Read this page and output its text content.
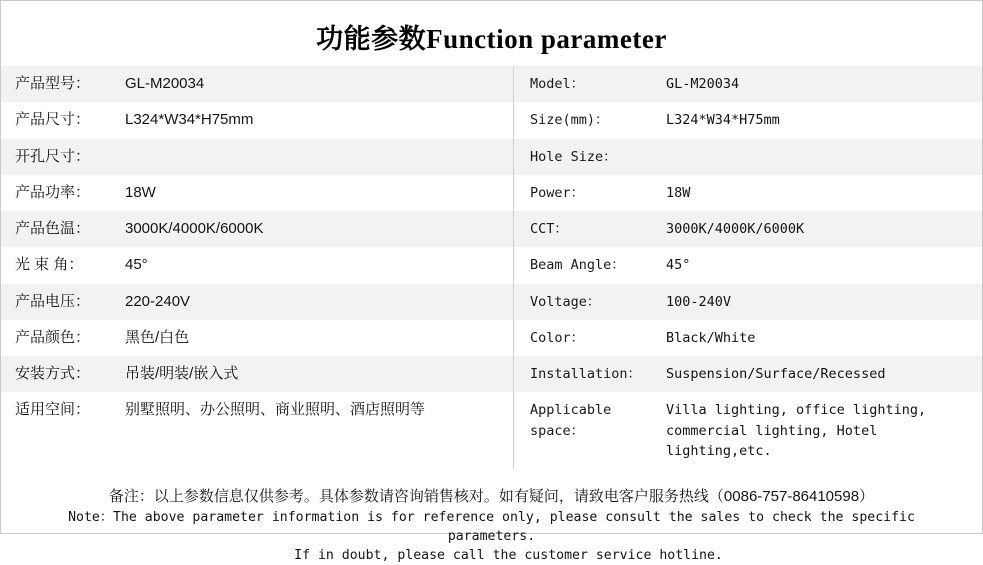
功能参数Function parameter
产品型号：	GL-M20034	Model：	GL-M20034
产品尺寸：	L324*W34*H75mm	Size(mm)：	L324*W34*H75mm
开孔尺寸：		Hole Size：	
产品功率：	18W	Power：	18W
产品色温：	3000K/4000K/6000K	CCT：	3000K/4000K/6000K
光 束 角：	45°	Beam Angle：	45°
产品电压：	220-240V	Voltage：	100-240V
产品颜色：	黑色/白色	Color：	Black/White
安装方式：	吊装/明装/嵌入式	Installation：	Suspension/Surface/Recessed
适用空间：	别墅照明、办公照明、商业照明、酒店照明等	Applicable space：	Villa lighting, office lighting, commercial lighting, Hotel lighting,etc.
备注：以上参数信息仅供参考。具体参数请咨询销售核对。如有疑问，请致电客户服务热线（0086-757-86410598）
Note：The above parameter information is for reference only, please consult the sales to check the specific parameters.
If in doubt, please call the customer service hotline.
